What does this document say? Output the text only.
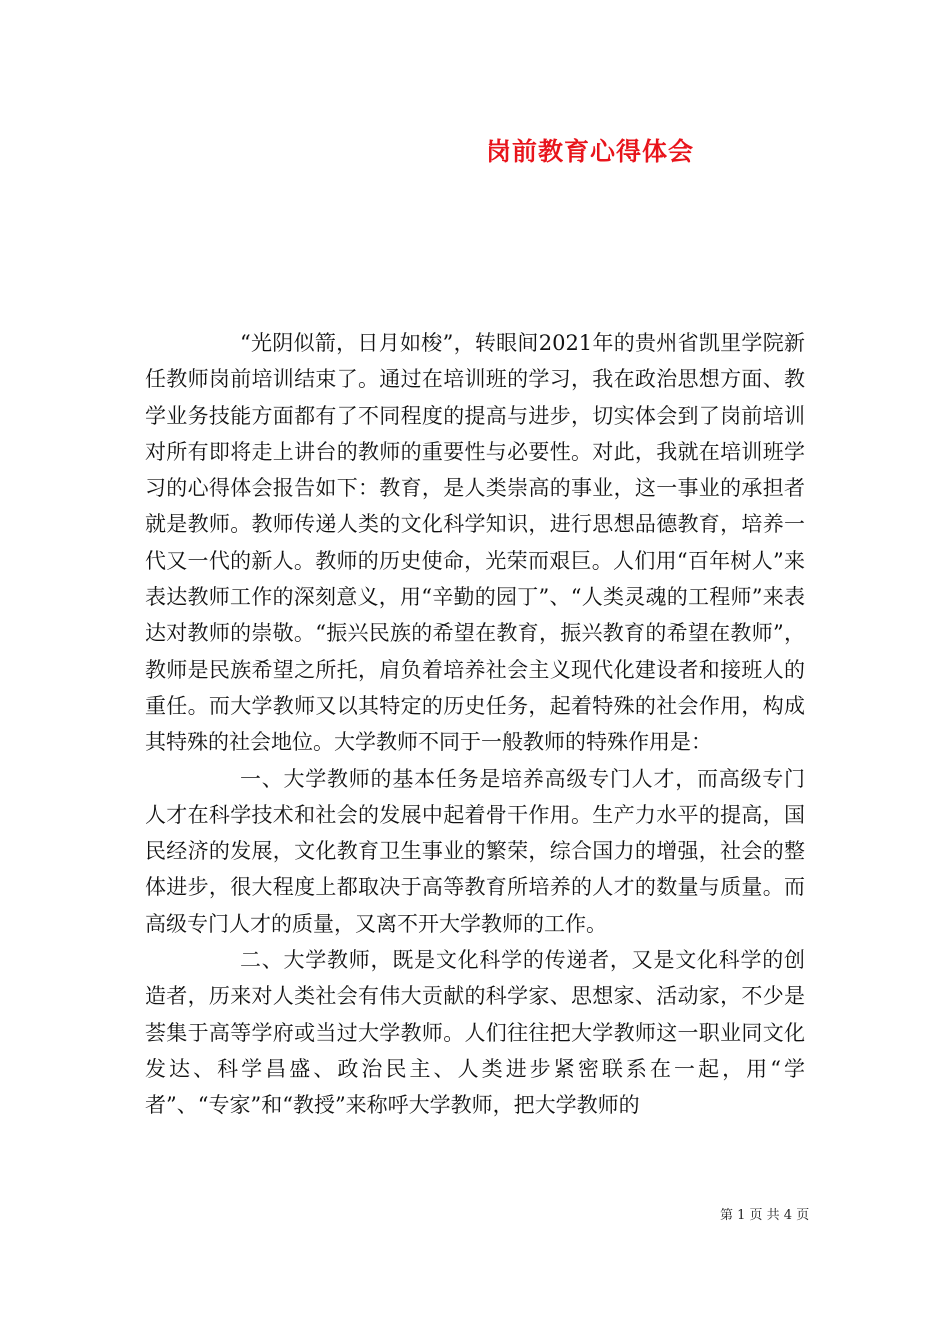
岗前教育心得体会

“光阴似箭，日月如梭”，转眼间2021年的贵州省凯里学院新任教师岗前培训结束了。通过在培训班的学习，我在政治思想方面、教学业务技能方面都有了不同程度的提高与进步，切实体会到了岗前培训对所有即将走上讲台的教师的重要性与必要性。对此，我就在培训班学习的心得体会报告如下：教育，是人类崇高的事业，这一事业的承担者就是教师。教师传递人类的文化科学知识，进行思想品德教育，培养一代又一代的新人。教师的历史使命，光荣而艰巨。人们用“百年树人”来表达教师工作的深刻意义，用“辛勤的园丁”、“人类灵魂的工程师”来表达对教师的崇敬。“振兴民族的希望在教育，振兴教育的希望在教师”，教师是民族希望之所托，肩负着培养社会主义现代化建设者和接班人的重任。而大学教师又以其特定的历史任务，起着特殊的社会作用，构成其特殊的社会地位。大学教师不同于一般教师的特殊作用是：

一、大学教师的基本任务是培养高级专门人才，而高级专门人才在科学技术和社会的发展中起着骨干作用。生产力水平的提高，国民经济的发展，文化教育卫生事业的繁荣，综合国力的增强，社会的整体进步，很大程度上都取决于高等教育所培养的人才的数量与质量。而高级专门人才的质量，又离不开大学教师的工作。

二、大学教师，既是文化科学的传递者，又是文化科学的创造者，历来对人类社会有伟大贡献的科学家、思想家、活动家，不少是荟集于高等学府或当过大学教师。人们往往把大学教师这一职业同文化发达、科学昌盛、政治民主、人类进步紧密联系在一起，用“学者”、“专家”和“教授”来称呼大学教师，把大学教师的

第 1 页 共 4 页
